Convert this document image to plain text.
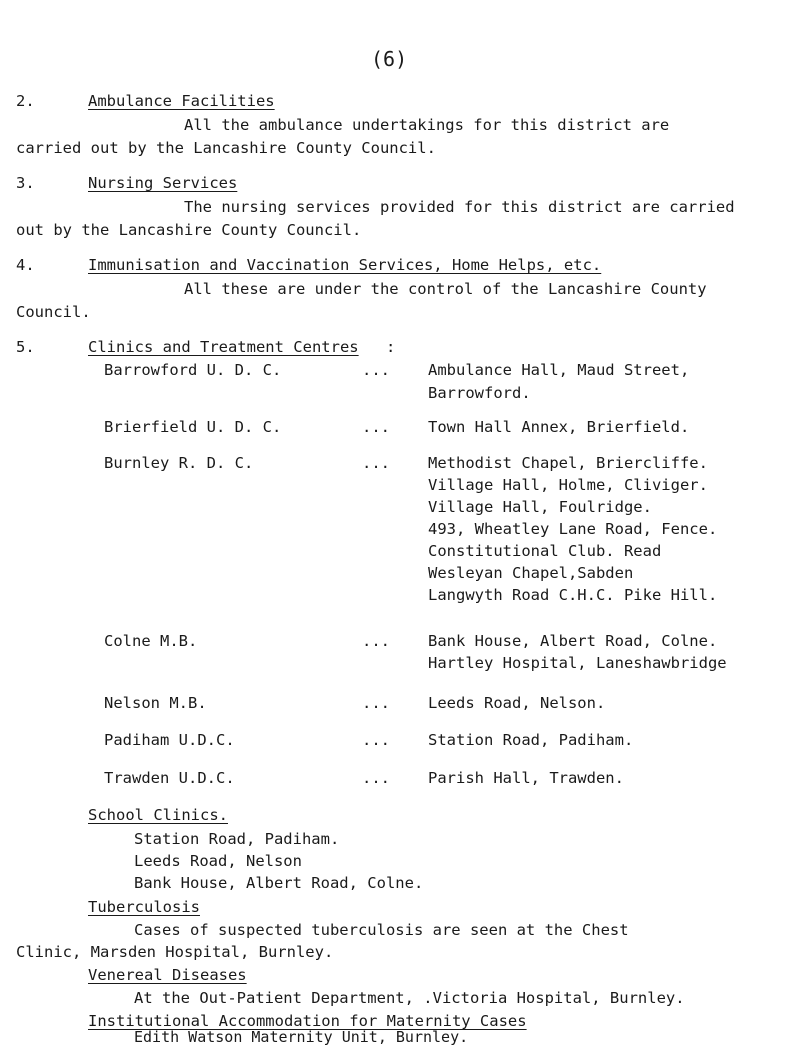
(6)
2.	Ambulance Facilities
All the ambulance undertakings for this district are
carried out by the Lancashire County Council.
3.	Nursing Services
The nursing services provided for this district are carried
out by the Lancashire County Council.
4.	Immunisation and Vaccination Services, Home Helps, etc.
All these are under the control of the Lancashire County
Council.
5.	Clinics and Treatment Centres :
Barrowford U. D. C.	... Ambulance Hall, Maud Street,
Barrowford.
Brierfield U. D. C.	... Town Hall Annex, Brierfield.
Burnley R. D. C.	... Methodist Chapel, Briercliffe.
Village Hall, Holme, Cliviger.
Village Hall, Foulridge.
493, Wheatley Lane Road, Fence.
Constitutional Club. Read
Wesleyan Chapel,Sabden
Langwyth Road C.H.C. Pike Hill.
Colne M.B.	... Bank House, Albert Road, Colne.
Hartley Hospital, Laneshawbridge
Nelson M.B.	... Leeds Road, Nelson.
Padiham U.D.C.	... Station Road, Padiham.
Trawden U.D.C.	... Parish Hall, Trawden.
School Clinics.
Station Road, Padiham.
Leeds Road, Nelson
Bank House, Albert Road, Colne.
Tuberculosis
Cases of suspected tuberculosis are seen at the Chest
Clinic, Marsden Hospital, Burnley.
Venereal Diseases
At the Out-Patient Department, .Victoria Hospital, Burnley.
Institutional Accommodation for Maternity Cases
Edith Watson Maternity Unit, Burnley.
